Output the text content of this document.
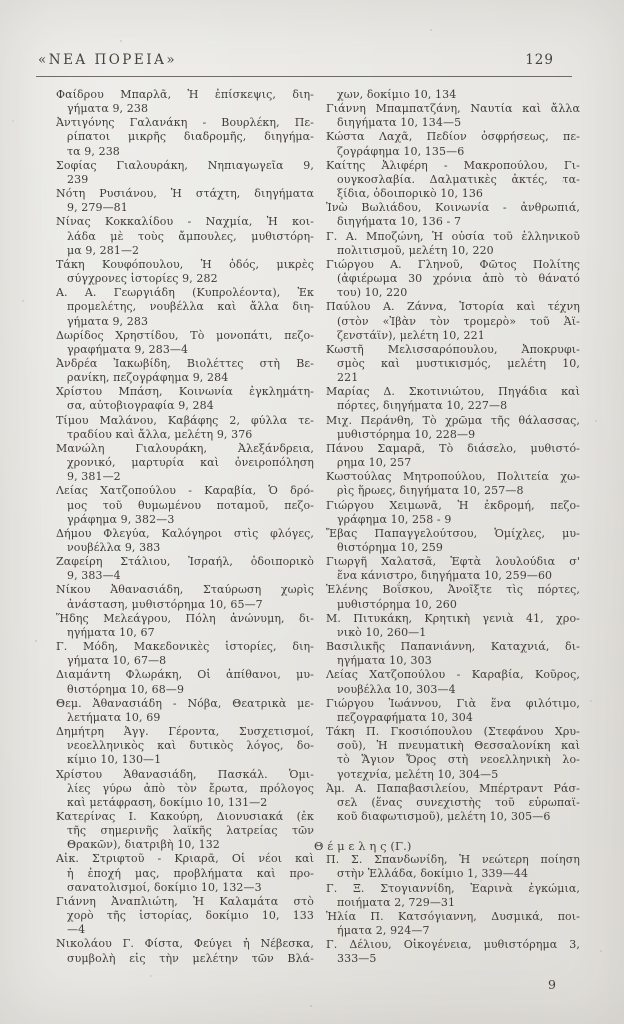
«ΝΕΑ ΠΟΡΕΙΑ»	129
Φαίδρου Μπαρλᾶ, Ἡ ἐπίσκεψις, διη-
γήματα 9, 238
Ἀντιγόνης Γαλανάκη - Βουρλέκη, Πε-
ρίπατοι μικρῆς διαδρομῆς, διηγήμα-
τα 9, 238
Σοφίας Γιαλουράκη, Νηπιαγωγεῖα 9,
239
Νότη Ρυσιάνου, Ἡ στάχτη, διηγήματα
9, 279—81
Νίνας Κοκκαλίδου - Ναχμία, Ἡ κοι-
λάδα μὲ τοὺς ἄμπουλες, μυθιστόρη-
μα 9, 281—2
Τάκη Κουφόπουλου, Ἡ ὁδός, μικρὲς
σύγχρονες ἱστορίες 9, 282
Α. Α. Γεωργιάδη (Κυπρολέοντα), Ἐκ
προμελέτης, νουβέλλα καὶ ἄλλα διη-
γήματα 9, 283
Δωρίδος Χρηστίδου, Τὸ μονοπάτι, πεζο-
γραφήματα 9, 283—4
Ἀνδρέα Ἰακωβίδη, Βιολέττες στὴ Βε-
ρανίκη, πεζογράφημα 9, 284
Χρίστου Μπάση, Κοινωνία ἐγκλημάτη-
σα, αὐτοβιογραφία 9, 284
Τίμου Μαλάνου, Καβάφης 2, φύλλα τε-
τραδίου καὶ ἄλλα, μελέτη 9, 376
Μανώλη Γιαλουράκη, Ἀλεξάνδρεια,
χρονικό, μαρτυρία καὶ ὀνειροπόληση
9, 381—2
Λείας Χατζοπούλου - Καραβία, Ὁ δρό-
μος τοῦ θυμωμένου ποταμοῦ, πεζο-
γράφημα 9, 382—3
Δήμου Φλεγύα, Καλόγηροι στὶς φλόγες,
νουβέλλα 9, 383
Ζαφείρη Στάλιου, Ἰσραήλ, ὁδοιπορικὸ
9, 383—4
Νίκου Ἀθανασιάδη, Σταύρωση χωρὶς
ἀνάσταση, μυθιστόρημα 10, 65—7
Ἥδης Μελεάγρου, Πόλη ἀνώνυμη, δι-
ηγήματα 10, 67
Γ. Μόδη, Μακεδονικὲς ἱστορίες, διη-
γήματα 10, 67—8
Διαμάντη Φλωράκη, Οἱ ἀπίθανοι, μυ-
θιστόρημα 10, 68—9
Θεμ. Ἀθανασιάδη - Νόβα, Θεατρικὰ με-
λετήματα 10, 69
Δημήτρη Ἀγγ. Γέροντα, Συσχετισμοί,
νεοελληνικὸς καὶ δυτικὸς λόγος, δο-
κίμιο 10, 130—1
Χρίστου Ἀθανασιάδη, Πασκάλ. Ὁμι-
λίες γύρω ἀπὸ τὸν ἔρωτα, πρόλογος
καὶ μετάφραση, δοκίμιο 10, 131—2
Κατερίνας Ι. Κακούρη, Διονυσιακά (ἐκ
τῆς σημερινῆς λαϊκῆς λατρείας τῶν
Θρακῶν), διατριβὴ 10, 132
Αἰκ. Στριφτοῦ - Κριαρᾶ, Οἱ νέοι καὶ
ἡ ἐποχή μας, προβλήματα καὶ προ-
σανατολισμοί, δοκίμιο 10, 132—3
Γιάννη Ἀναπλιώτη, Ἡ Καλαμάτα στὸ
χορὸ τῆς ἱστορίας, δοκίμιο 10, 133
—4
Νικολάου Γ. Φίστα, Φεύγει ἡ Νέβεσκα,
συμβολὴ εἰς τὴν μελέτην τῶν Βλά-
χων, δοκίμιο 10, 134
Γιάννη Μπαμπατζάνη, Ναυτία καὶ ἄλλα
διηγήματα 10, 134—5
Κώστα Λαχᾶ, Πεδίον ὀσφρήσεως, πε-
ζογράφημα 10, 135—6
Καίτης Ἀλιφέρη - Μακροπούλου, Γι-
ουγκοσλαβία. Δαλματικὲς ἀκτές, τα-
ξίδια, ὁδοιπορικὸ 10, 136
Ἰνὼ Βωλιάδου, Κοινωνία - ἀνθρωπιά,
διηγήματα 10, 136 - 7
Γ. Α. Μποζώνη, Ἡ οὐσία τοῦ ἑλληνικοῦ
πολιτισμοῦ, μελέτη 10, 220
Γιώργου Α. Γληνοῦ, Φῶτος Πολίτης
(ἀφιέρωμα 30 χρόνια ἀπὸ τὸ θάνατό
του) 10, 220
Παύλου Α. Ζάννα, Ἱστορία καὶ τέχνη
(στὸν «Ἰβὰν τὸν τρομερὸ» τοῦ Ἀϊ-
ζενστάϊν), μελέτη 10, 221
Κωστῆ Μελισσαρόπουλου, Ἀποκρυφι-
σμὸς καὶ μυστικισμός, μελέτη 10,
221
Μαρίας Δ. Σκοτινιώτου, Πηγάδια καὶ
πόρτες, διηγήματα 10, 227—8
Μιχ. Περάνθη, Τὸ χρῶμα τῆς θάλασσας,
μυθιστόρημα 10, 228—9
Πάνου Σαμαρᾶ, Τὸ διάσελο, μυθιστό-
ρημα 10, 257
Κωστούλας Μητροπούλου, Πολιτεία χω-
ρὶς ἥρωες, διηγήματα 10, 257—8
Γιώργου Χειμωνᾶ, Ἡ ἐκδρομή, πεζο-
γράφημα 10, 258 - 9
Ἔβας Παπαγγελούτσου, Ὁμίχλες, μυ-
θιστόρημα 10, 259
Γιωργῆ Χαλατσᾶ, Ἑφτὰ λουλούδια σ'
ἕνα κάνιστρο, διηγήματα 10, 259—60
Ἑλένης Βοΐσκου, Ἀνοῖξτε τὶς πόρτες,
μυθιστόρημα 10, 260
Μ. Πιτυκάκη, Κρητικὴ γενιὰ 41, χρο-
νικὸ 10, 260—1
Βασιλικῆς Παπανιάννη, Καταχνιά, δι-
ηγήματα 10, 303
Λείας Χατζοπούλου - Καραβία, Κοῦρος,
νουβέλλα 10, 303—4
Γιώργου Ἰωάννου, Γιὰ ἕνα φιλότιμο,
πεζογραφήματα 10, 304
Τάκη Π. Γκοσιόπουλου (Στεφάνου Χρυ-
σοῦ), Ἡ πνευματικὴ Θεσσαλονίκη καὶ
τὸ Ἅγιον Ὄρος στὴ νεοελληνικὴ λο-
γοτεχνία, μελέτη 10, 304—5
Ἀμ. Α. Παπαβασιλείου, Μπέρτραντ Ράσ-
σελ (ἕνας συνεχιστὴς τοῦ εὐρωπαϊ-
κοῦ διαφωτισμοῦ), μελέτη 10, 305—6
Θ έ μ ε λ η ς (Γ.)
Π. Σ. Σπανδωνίδη, Ἡ νεώτερη ποίηση
στὴν Ἑλλάδα, δοκίμιο 1, 339—44
Γ. Ξ. Στογιαννίδη, Ἐαρινὰ ἐγκώμια,
ποιήματα 2, 729—31
Ἠλία Π. Κατσόγιαννη, Δυσμικά, ποι-
ήματα 2, 924—7
Γ. Δέλιου, Οἰκογένεια, μυθιστόρημα 3,
333—5
9
